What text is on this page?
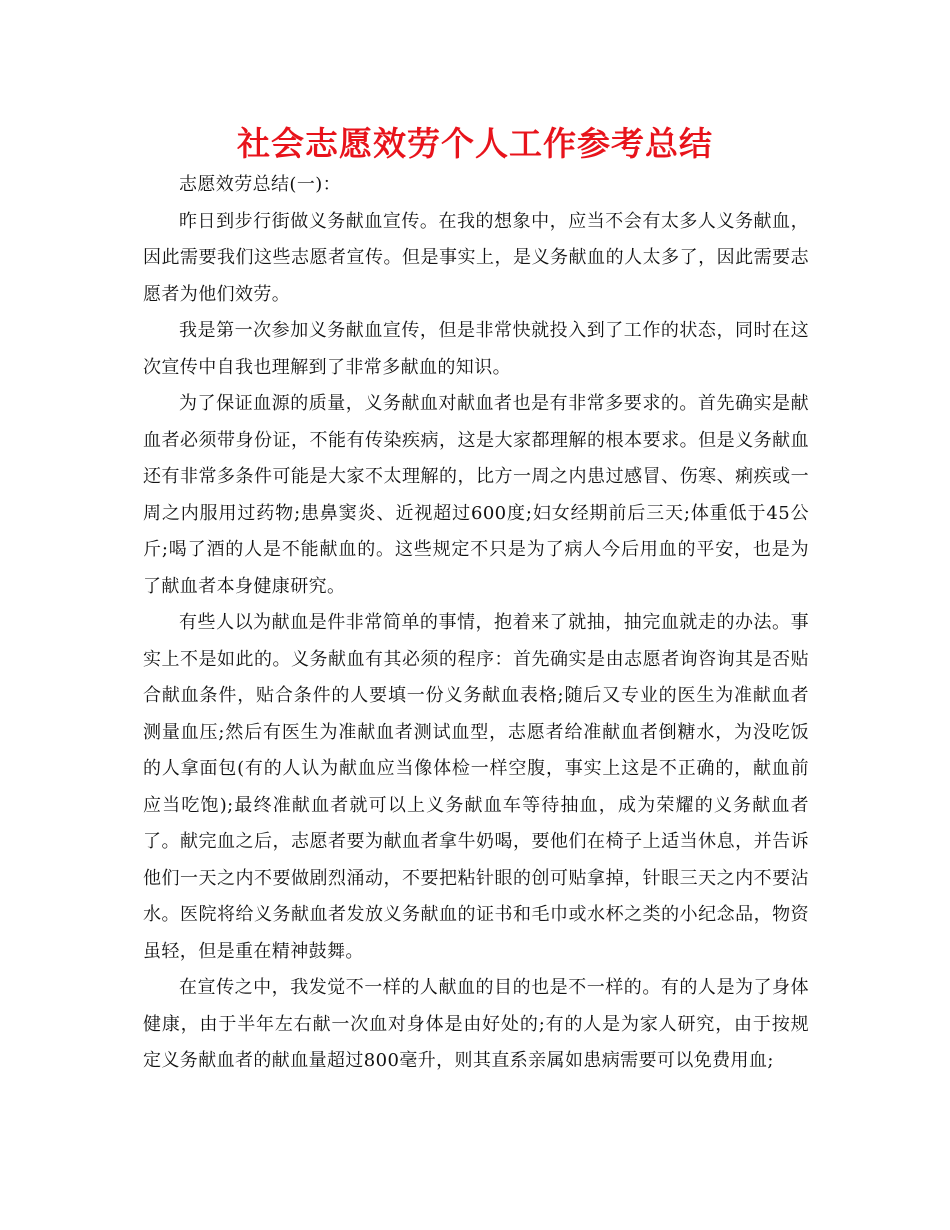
社会志愿效劳个人工作参考总结

志愿效劳总结(一)：

昨日到步行街做义务献血宣传。在我的想象中，应当不会有太多人义务献血，因此需要我们这些志愿者宣传。但是事实上，是义务献血的人太多了，因此需要志愿者为他们效劳。

我是第一次参加义务献血宣传，但是非常快就投入到了工作的状态，同时在这次宣传中自我也理解到了非常多献血的知识。

为了保证血源的质量，义务献血对献血者也是有非常多要求的。首先确实是献血者必须带身份证，不能有传染疾病，这是大家都理解的根本要求。但是义务献血还有非常多条件可能是大家不太理解的，比方一周之内患过感冒、伤寒、痢疾或一周之内服用过药物;患鼻窦炎、近视超过600度;妇女经期前后三天;体重低于45公斤;喝了酒的人是不能献血的。这些规定不只是为了病人今后用血的平安，也是为了献血者本身健康研究。

有些人以为献血是件非常简单的事情，抱着来了就抽，抽完血就走的办法。事实上不是如此的。义务献血有其必须的程序：首先确实是由志愿者询咨询其是否贴合献血条件，贴合条件的人要填一份义务献血表格;随后又专业的医生为准献血者测量血压;然后有医生为准献血者测试血型，志愿者给准献血者倒糖水，为没吃饭的人拿面包(有的人认为献血应当像体检一样空腹，事实上这是不正确的，献血前应当吃饱);最终准献血者就可以上义务献血车等待抽血，成为荣耀的义务献血者了。献完血之后，志愿者要为献血者拿牛奶喝，要他们在椅子上适当休息，并告诉他们一天之内不要做剧烈涌动，不要把粘针眼的创可贴拿掉，针眼三天之内不要沾水。医院将给义务献血者发放义务献血的证书和毛巾或水杯之类的小纪念品，物资虽轻，但是重在精神鼓舞。

在宣传之中，我发觉不一样的人献血的目的也是不一样的。有的人是为了身体健康，由于半年左右献一次血对身体是由好处的;有的人是为家人研究，由于按规定义务献血者的献血量超过800毫升，则其直系亲属如患病需要可以免费用血;
